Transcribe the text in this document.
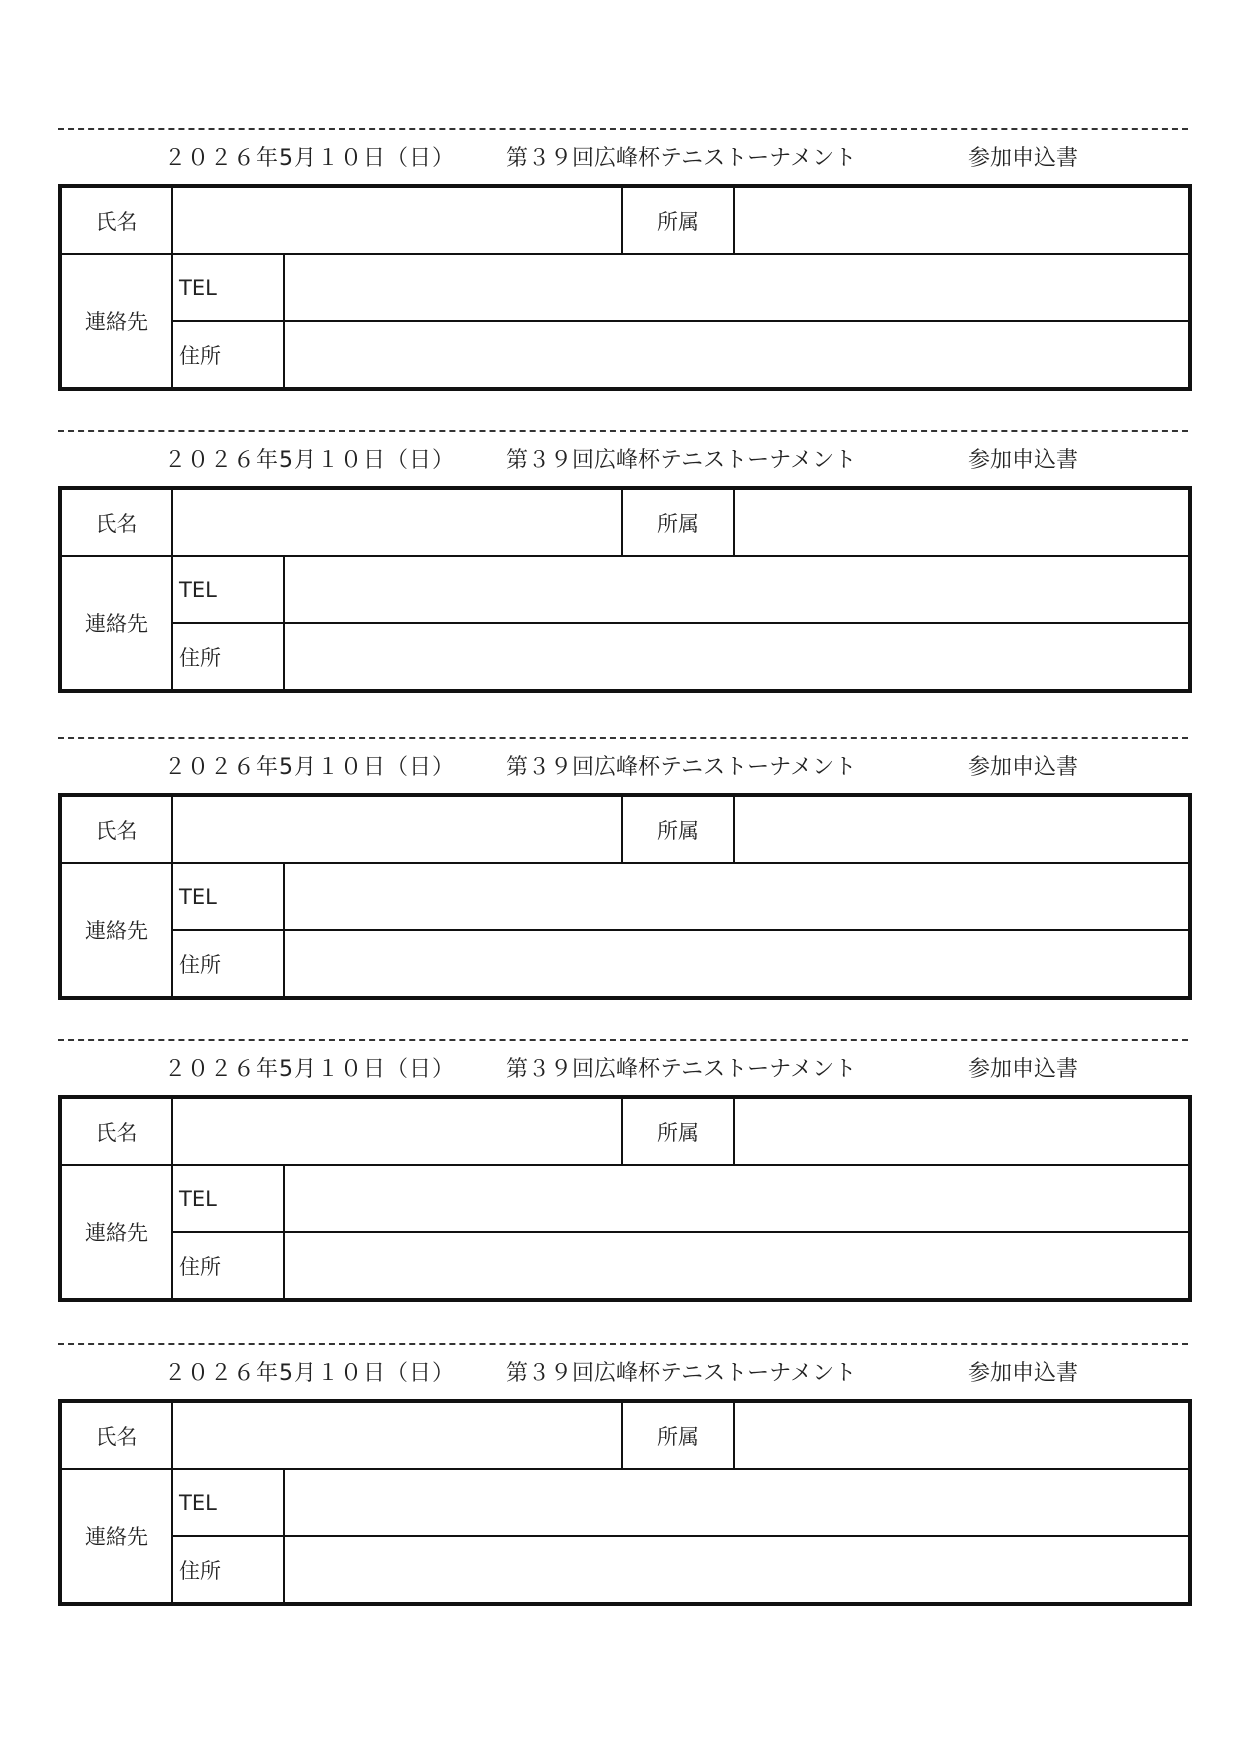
２０２６年5月１０日（日） 第３９回広峰杯テニストーナメント	参加申込書
氏名			所属	
連絡先	TEL			
	住所			
２０２６年5月１０日（日） 第３９回広峰杯テニストーナメント	参加申込書
氏名			所属	
連絡先	TEL			
	住所			
２０２６年5月１０日（日） 第３９回広峰杯テニストーナメント	参加申込書
氏名			所属	
連絡先	TEL			
	住所			
２０２６年5月１０日（日） 第３９回広峰杯テニストーナメント	参加申込書
氏名			所属	
連絡先	TEL			
	住所			
２０２６年5月１０日（日） 第３９回広峰杯テニストーナメント	参加申込書
氏名			所属	
連絡先	TEL			
	住所			
